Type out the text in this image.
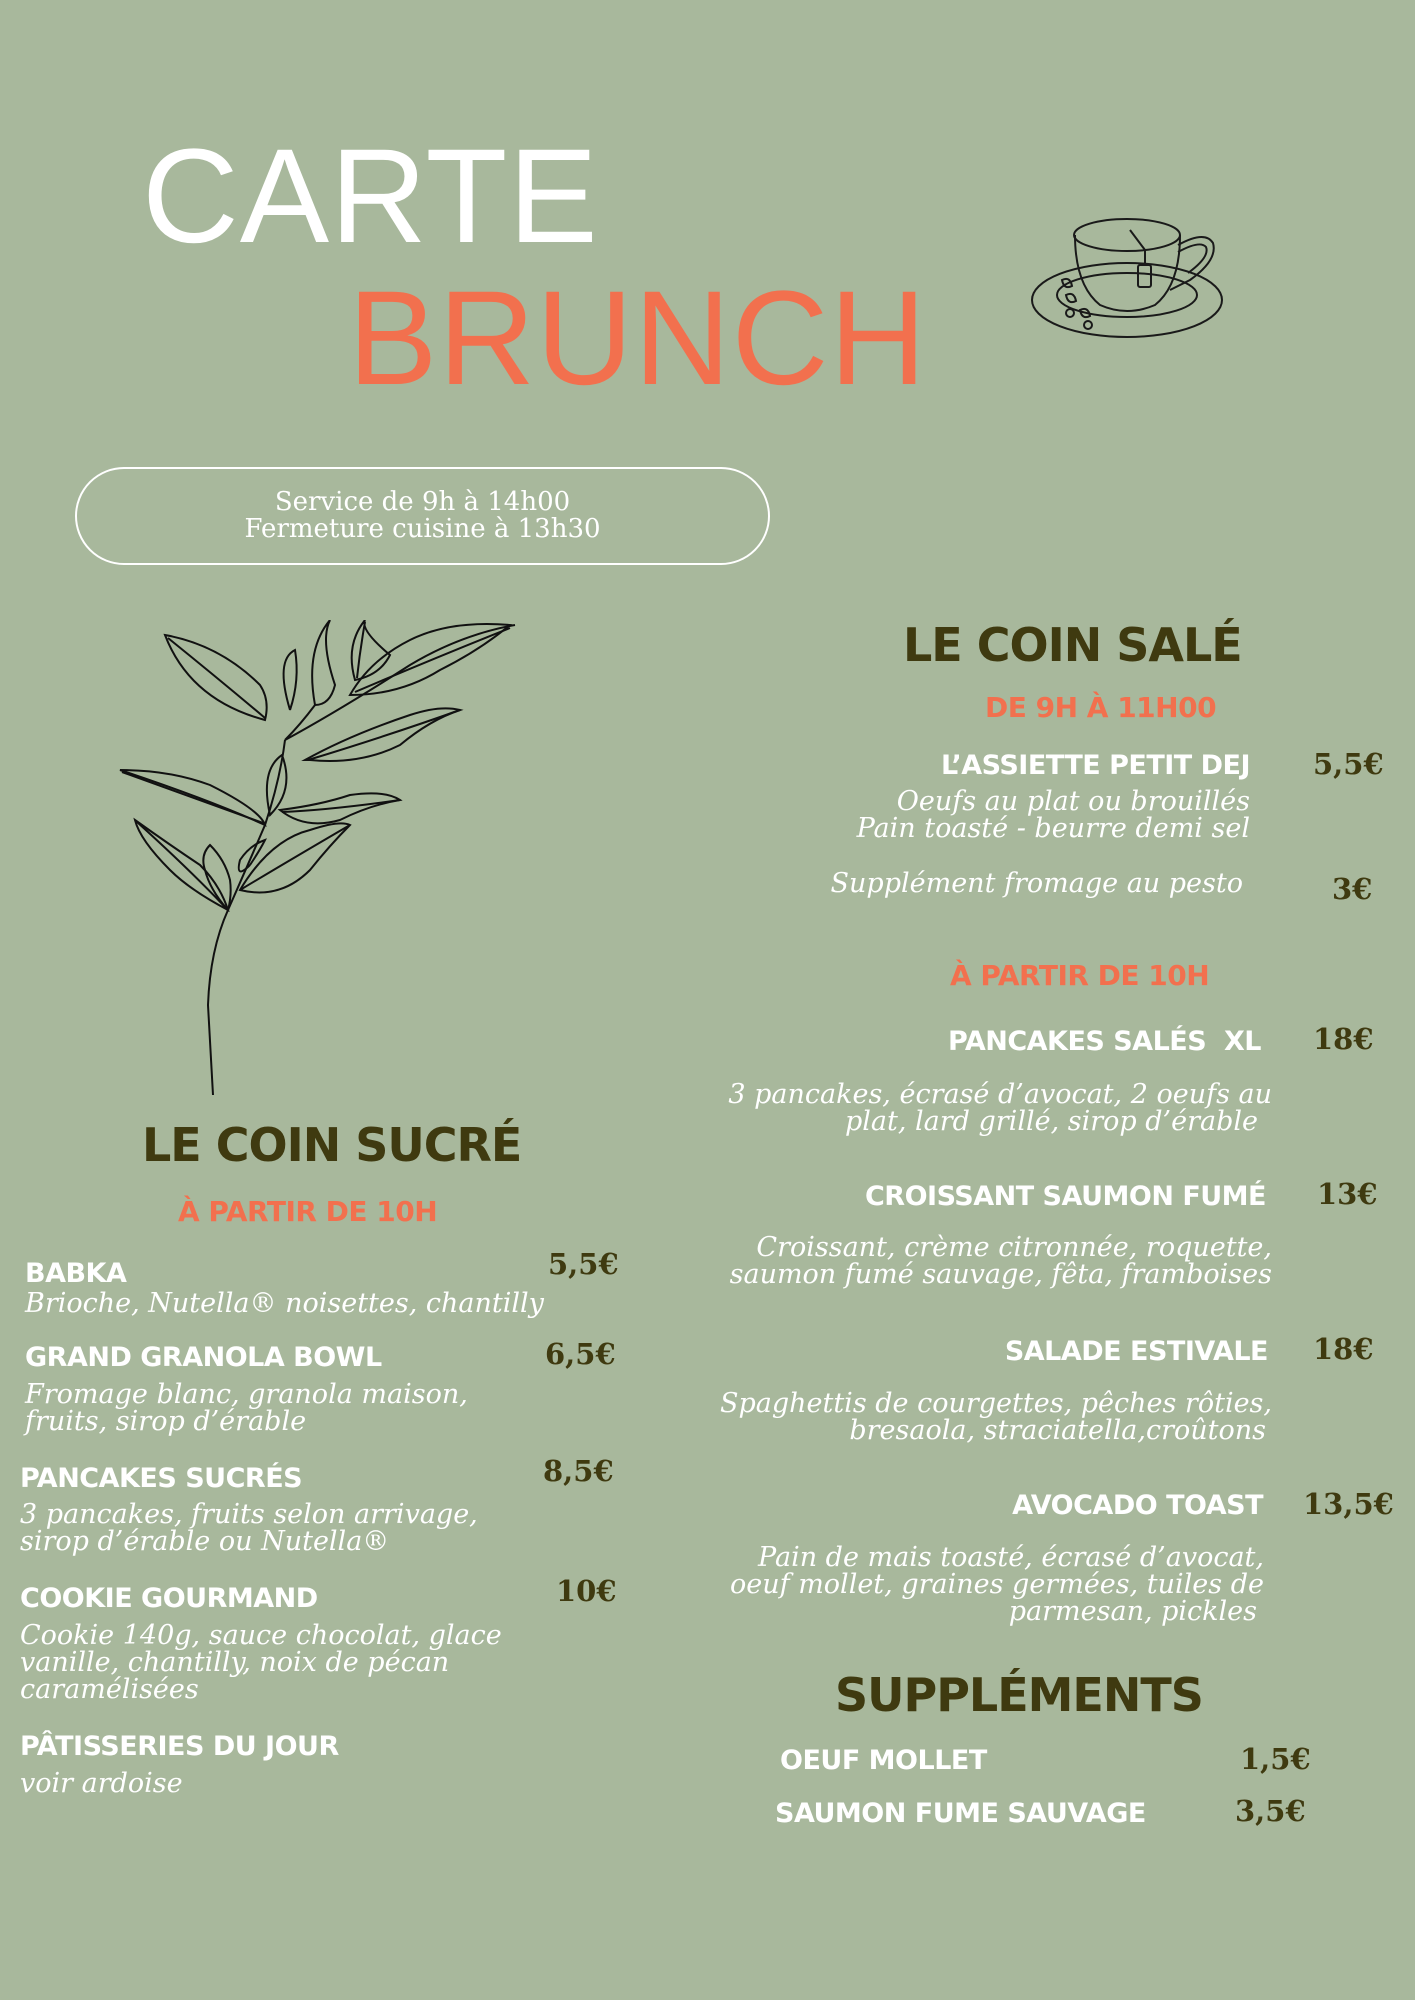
CARTE
BRUNCH
Service de 9h à 14h00
Fermeture cuisine à 13h30
LE COIN SUCRÉ
À PARTIR DE 10H
BABKA	5,5€
Brioche, Nutella® noisettes, chantilly
GRAND GRANOLA BOWL	6,5€
Fromage blanc, granola maison,
fruits, sirop d’érable
PANCAKES SUCRÉS	8,5€
3 pancakes, fruits selon arrivage,
sirop d’érable ou Nutella®
COOKIE GOURMAND	10€
Cookie 140g, sauce chocolat, glace
vanille, chantilly, noix de pécan
caramélisées
PÂTISSERIES DU JOUR
voir ardoise
LE COIN SALÉ
DE 9H À 11H00
L’ASSIETTE PETIT DEJ 5,5€
Oeufs au plat ou brouillés
Pain toasté - beurre demi sel
Supplément fromage au pesto	3€
À PARTIR DE 10H
PANCAKES SALÉS  XL 18€
3 pancakes, écrasé d’avocat, 2 oeufs au
plat, lard grillé, sirop d’érable
CROISSANT SAUMON FUMÉ 13€
Croissant, crème citronnée, roquette,
saumon fumé sauvage, fêta, framboises
SALADE ESTIVALE 18€
Spaghettis de courgettes, pêches rôties,
bresaola, straciatella,croûtons
AVOCADO TOAST 13,5€
Pain de mais toasté, écrasé d’avocat,
oeuf mollet, graines germées, tuiles de
parmesan, pickles
SUPPLÉMENTS
OEUF MOLLET	1,5€
SAUMON FUME SAUVAGE	3,5€
